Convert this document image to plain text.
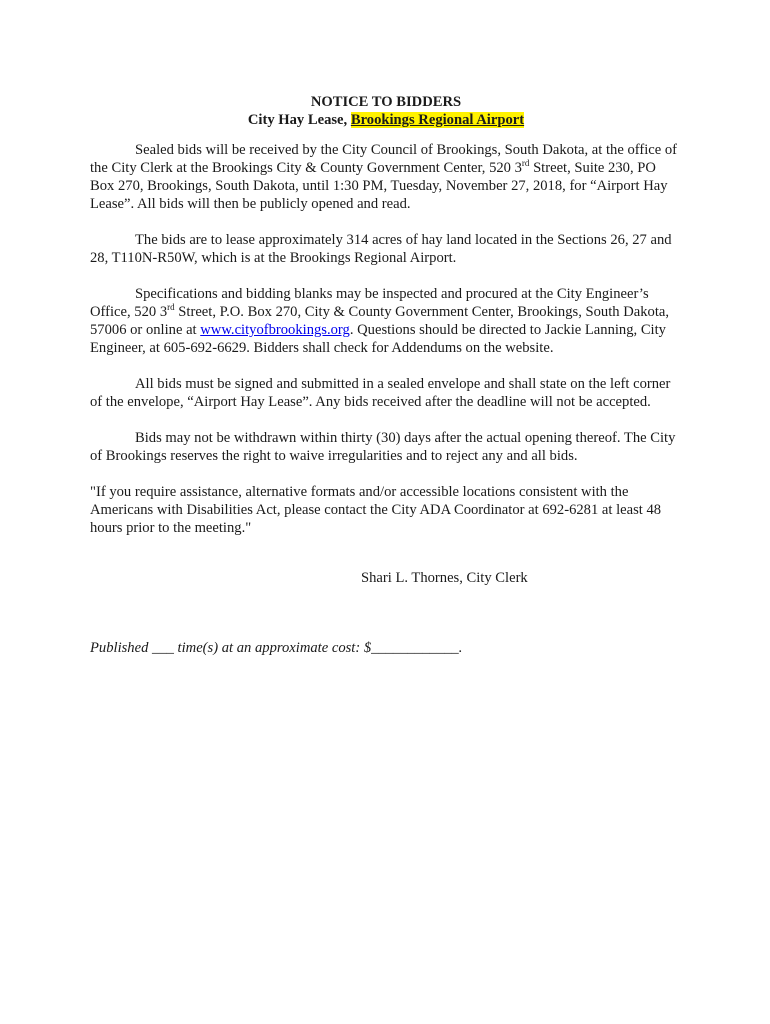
NOTICE TO BIDDERS
City Hay Lease, Brookings Regional Airport

Sealed bids will be received by the City Council of Brookings, South Dakota, at the office of the City Clerk at the Brookings City & County Government Center, 520 3rd Street, Suite 230, PO Box 270, Brookings, South Dakota, until 1:30 PM, Tuesday, November 27, 2018, for “Airport Hay Lease”. All bids will then be publicly opened and read.

The bids are to lease approximately 314 acres of hay land located in the Sections 26, 27 and 28, T110N-R50W, which is at the Brookings Regional Airport.

Specifications and bidding blanks may be inspected and procured at the City Engineer’s Office, 520 3rd Street, P.O. Box 270, City & County Government Center, Brookings, South Dakota, 57006 or online at www.cityofbrookings.org. Questions should be directed to Jackie Lanning, City Engineer, at 605-692-6629. Bidders shall check for Addendums on the website.

All bids must be signed and submitted in a sealed envelope and shall state on the left corner of the envelope, “Airport Hay Lease”. Any bids received after the deadline will not be accepted.

Bids may not be withdrawn within thirty (30) days after the actual opening thereof. The City of Brookings reserves the right to waive irregularities and to reject any and all bids.

"If you require assistance, alternative formats and/or accessible locations consistent with the Americans with Disabilities Act, please contact the City ADA Coordinator at 692-6281 at least 48 hours prior to the meeting."

Shari L. Thornes, City Clerk
Published ___ time(s) at an approximate cost: $____________.
